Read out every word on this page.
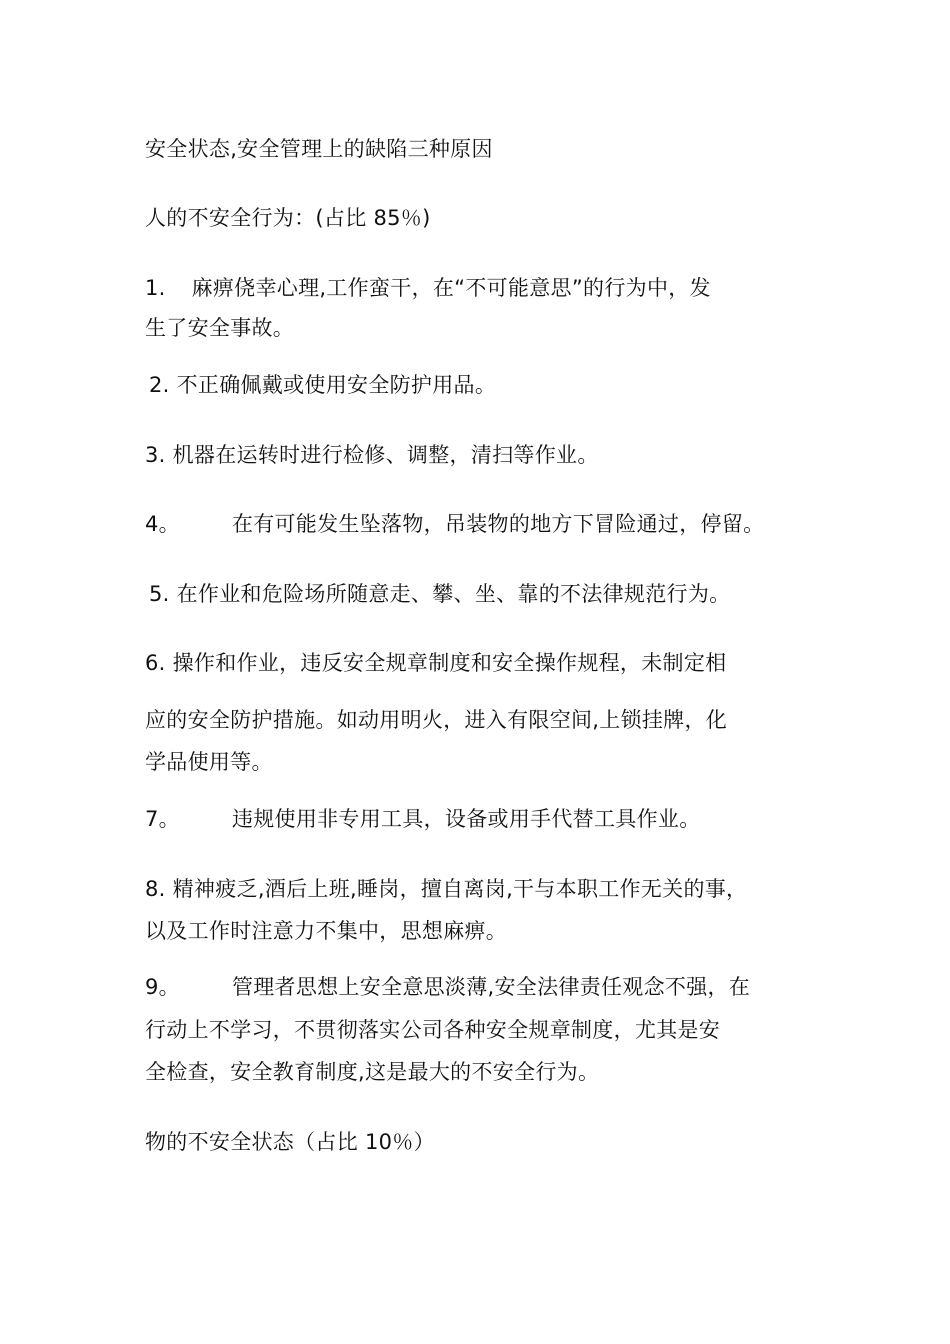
安全状态,安全管理上的缺陷三种原因
人的不安全行为：(占比 85％)
1. 麻痹侥幸心理,工作蛮干，在“不可能意思”的行为中，发
生了安全事故。
2. 不正确佩戴或使用安全防护用品。
3. 机器在运转时进行检修、调整，清扫等作业。
4。 在有可能发生坠落物，吊装物的地方下冒险通过，停留。
5. 在作业和危险场所随意走、攀、坐、靠的不法律规范行为。
6. 操作和作业，违反安全规章制度和安全操作规程，未制定相
应的安全防护措施。如动用明火，进入有限空间,上锁挂牌，化
学品使用等。
7。 违规使用非专用工具，设备或用手代替工具作业。
8. 精神疲乏,酒后上班,睡岗，擅自离岗,干与本职工作无关的事，
以及工作时注意力不集中，思想麻痹。
9。 管理者思想上安全意思淡薄,安全法律责任观念不强，在
行动上不学习，不贯彻落实公司各种安全规章制度，尤其是安
全检查，安全教育制度,这是最大的不安全行为。
物的不安全状态（占比 10％）
